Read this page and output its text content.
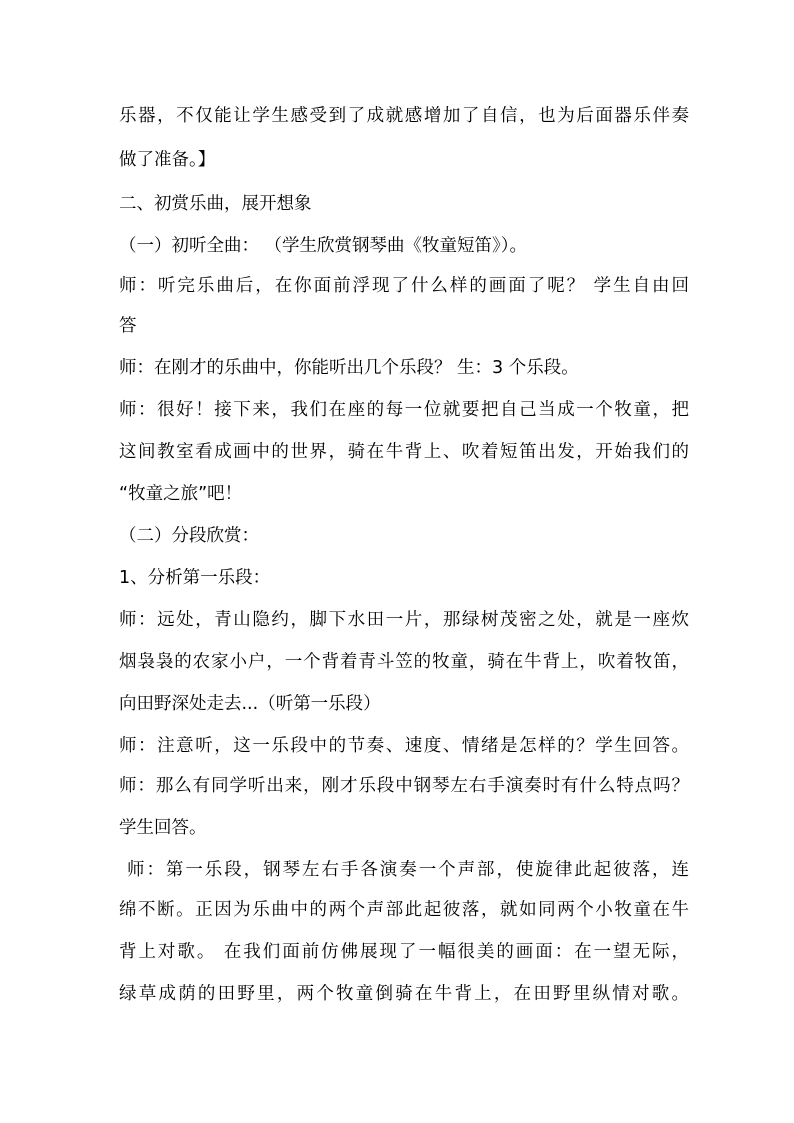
乐器，不仅能让学生感受到了成就感增加了自信，也为后面器乐伴奏
做了准备。】
二、初赏乐曲，展开想象
（一）初听全曲： （学生欣赏钢琴曲《牧童短笛》）。
师：听完乐曲后，在你面前浮现了什么样的画面了呢？ 学生自由回
答
师：在刚才的乐曲中，你能听出几个乐段？ 生：3 个乐段。
师：很好！接下来，我们在座的每一位就要把自己当成一个牧童，把
这间教室看成画中的世界，骑在牛背上、吹着短笛出发，开始我们的
“牧童之旅”吧！
（二）分段欣赏：
1、分析第一乐段：
师：远处，青山隐约，脚下水田一片，那绿树茂密之处，就是一座炊
烟袅袅的农家小户，一个背着青斗笠的牧童，骑在牛背上，吹着牧笛，
向田野深处走去...（听第一乐段）
师：注意听，这一乐段中的节奏、速度、情绪是怎样的？学生回答。
师：那么有同学听出来，刚才乐段中钢琴左右手演奏时有什么特点吗？
学生回答。
师：第一乐段，钢琴左右手各演奏一个声部，使旋律此起彼落，连
绵不断。正因为乐曲中的两个声部此起彼落，就如同两个小牧童在牛
背上对歌。 在我们面前仿佛展现了一幅很美的画面：在一望无际，
绿草成荫的田野里，两个牧童倒骑在牛背上，在田野里纵情对歌。
